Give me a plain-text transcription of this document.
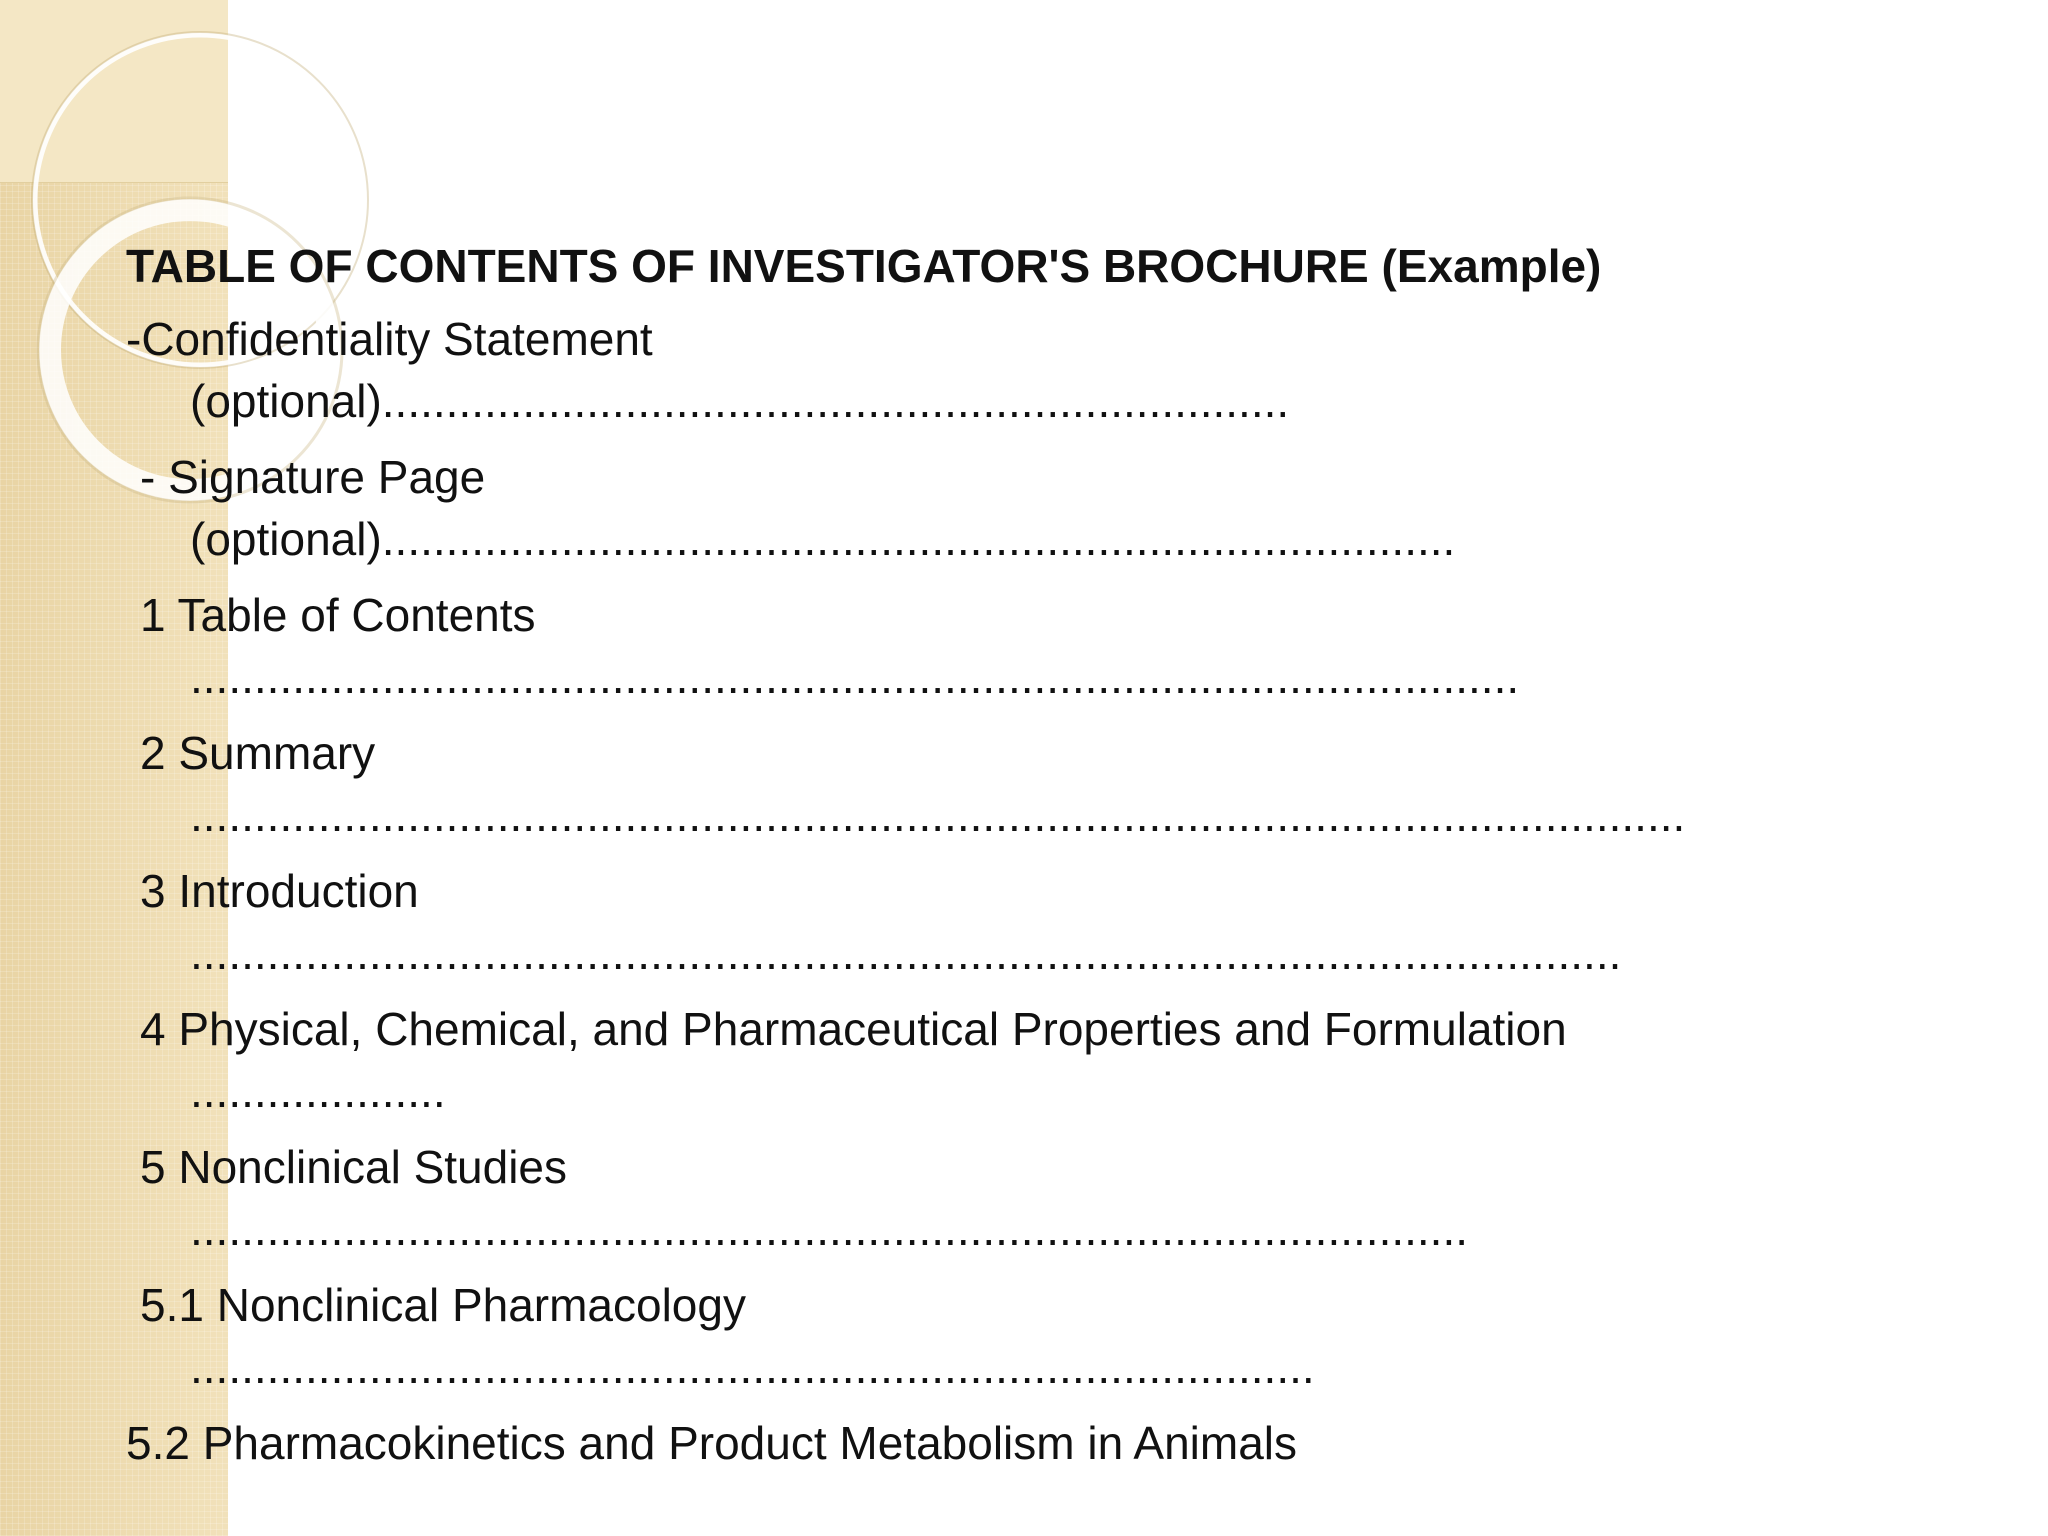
TABLE OF CONTENTS OF INVESTIGATOR'S BROCHURE (Example)
-Confidentiality Statement
(optional).......................................................................
- Signature Page
(optional)....................................................................................
1 Table of Contents
........................................................................................................
2 Summary
.....................................................................................................................
3 Introduction
................................................................................................................
4 Physical, Chemical, and Pharmaceutical Properties and Formulation
....................
5 Nonclinical Studies
....................................................................................................
5.1 Nonclinical Pharmacology
........................................................................................
5.2 Pharmacokinetics and Product Metabolism in Animals
